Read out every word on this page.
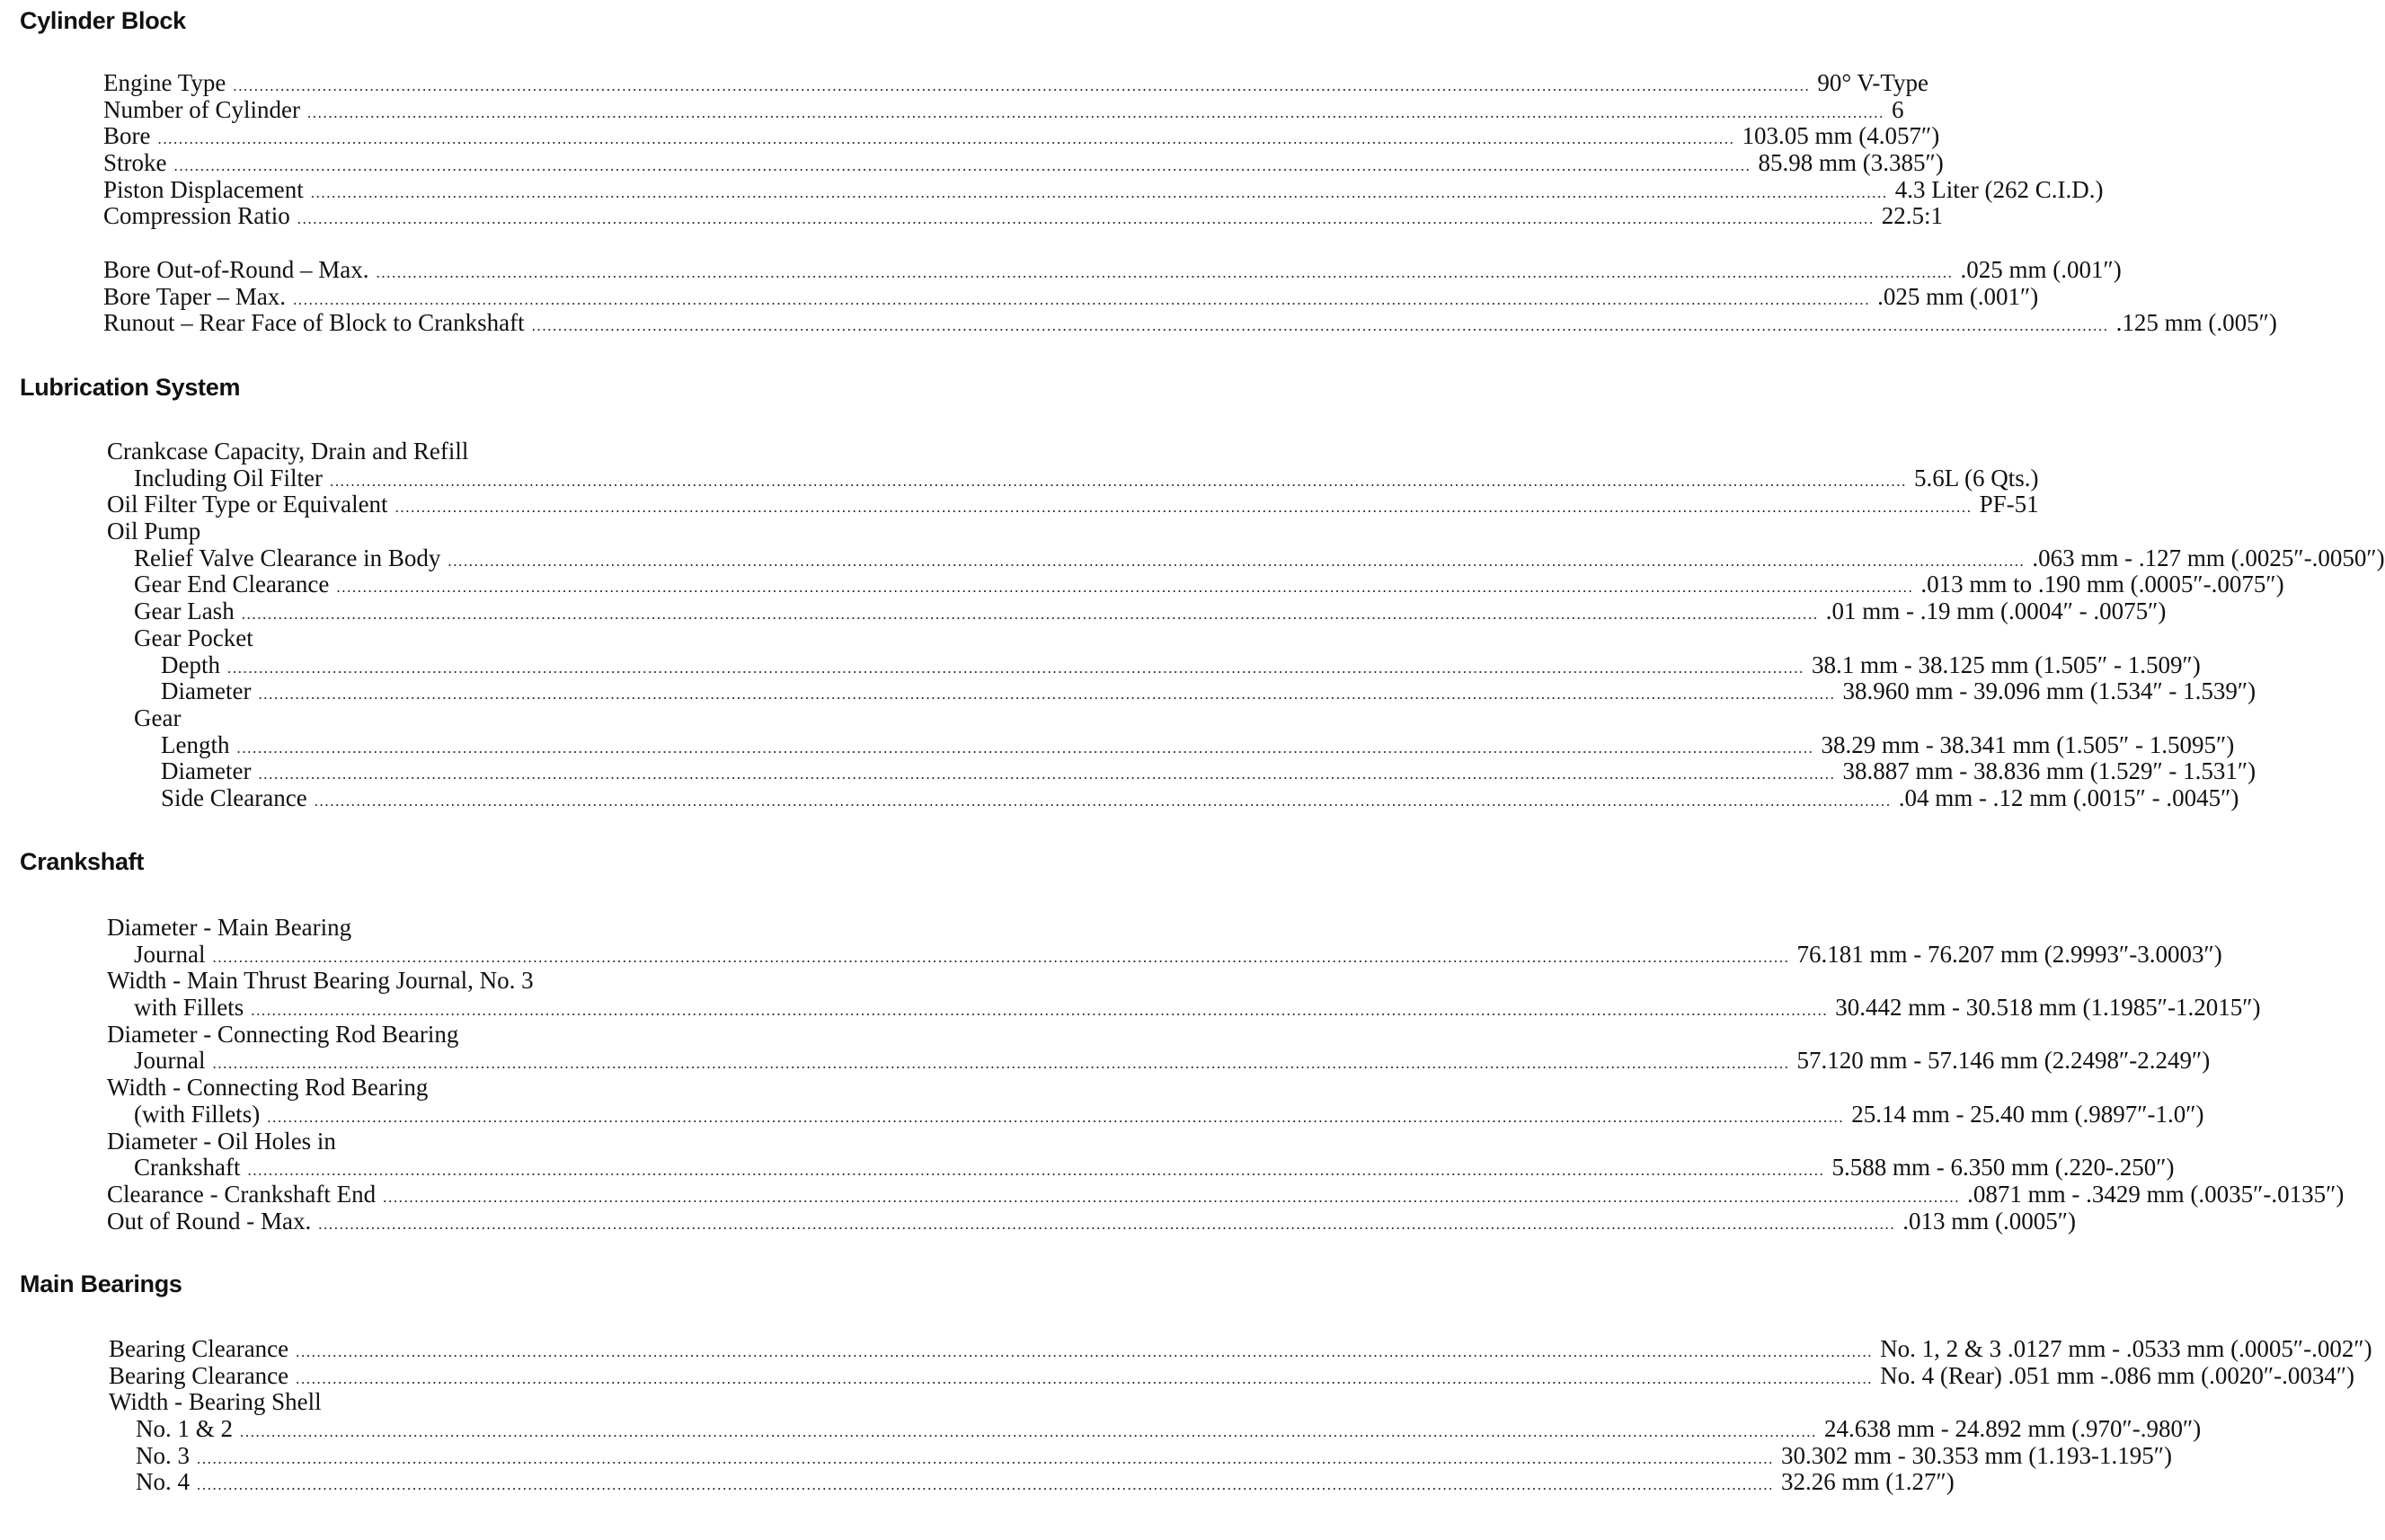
Cylinder Block
Engine Type ............................................................................................................................................................................................................................................................................................................ 90° V-Type
Number of Cylinder ............................................................................................................................................................................................................................................................................................................ 6
Bore ............................................................................................................................................................................................................................................................................................................ 103.05 mm (4.057″)
Stroke ............................................................................................................................................................................................................................................................................................................ 85.98 mm (3.385″)
Piston Displacement ............................................................................................................................................................................................................................................................................................................ 4.3 Liter (262 C.I.D.)
Compression Ratio ............................................................................................................................................................................................................................................................................................................ 22.5:1
Bore Out-of-Round – Max. ............................................................................................................................................................................................................................................................................................................ .025 mm (.001″)
Bore Taper – Max. ............................................................................................................................................................................................................................................................................................................ .025 mm (.001″)
Runout – Rear Face of Block to Crankshaft ............................................................................................................................................................................................................................................................................................................ .125 mm (.005″)
Lubrication System
Crankcase Capacity, Drain and Refill
Including Oil Filter ............................................................................................................................................................................................................................................................................................................ 5.6L (6 Qts.)
Oil Filter Type or Equivalent ............................................................................................................................................................................................................................................................................................................ PF-51
Oil Pump
Relief Valve Clearance in Body ............................................................................................................................................................................................................................................................................................................ .063 mm - .127 mm (.0025″-.0050″)
Gear End Clearance ............................................................................................................................................................................................................................................................................................................ .013 mm to .190 mm (.0005″-.0075″)
Gear Lash ............................................................................................................................................................................................................................................................................................................ .01 mm - .19 mm (.0004″ - .0075″)
Gear Pocket
Depth ............................................................................................................................................................................................................................................................................................................ 38.1 mm - 38.125 mm (1.505″ - 1.509″)
Diameter ............................................................................................................................................................................................................................................................................................................ 38.960 mm - 39.096 mm (1.534″ - 1.539″)
Gear
Length ............................................................................................................................................................................................................................................................................................................ 38.29 mm - 38.341 mm (1.505″ - 1.5095″)
Diameter ............................................................................................................................................................................................................................................................................................................ 38.887 mm - 38.836 mm (1.529″ - 1.531″)
Side Clearance ............................................................................................................................................................................................................................................................................................................ .04 mm - .12 mm (.0015″ - .0045″)
Crankshaft
Diameter - Main Bearing
Journal ............................................................................................................................................................................................................................................................................................................ 76.181 mm - 76.207 mm (2.9993″-3.0003″)
Width - Main Thrust Bearing Journal, No. 3
with Fillets ............................................................................................................................................................................................................................................................................................................ 30.442 mm - 30.518 mm (1.1985″-1.2015″)
Diameter - Connecting Rod Bearing
Journal ............................................................................................................................................................................................................................................................................................................ 57.120 mm - 57.146 mm (2.2498″-2.249″)
Width - Connecting Rod Bearing
(with Fillets) ............................................................................................................................................................................................................................................................................................................ 25.14 mm - 25.40 mm (.9897″-1.0″)
Diameter - Oil Holes in
Crankshaft ............................................................................................................................................................................................................................................................................................................ 5.588 mm - 6.350 mm (.220-.250″)
Clearance - Crankshaft End ............................................................................................................................................................................................................................................................................................................ .0871 mm - .3429 mm (.0035″-.0135″)
Out of Round - Max. ............................................................................................................................................................................................................................................................................................................ .013 mm (.0005″)
Main Bearings
Bearing Clearance ............................................................................................................................................................................................................................................................................................................ No. 1, 2 & 3 .0127 mm - .0533 mm (.0005″-.002″)
Bearing Clearance ............................................................................................................................................................................................................................................................................................................ No. 4 (Rear) .051 mm -.086 mm (.0020″-.0034″)
Width - Bearing Shell
No. 1 & 2 ............................................................................................................................................................................................................................................................................................................ 24.638 mm - 24.892 mm (.970″-.980″)
No. 3 ............................................................................................................................................................................................................................................................................................................ 30.302 mm - 30.353 mm (1.193-1.195″)
No. 4 ............................................................................................................................................................................................................................................................................................................ 32.26 mm (1.27″)
